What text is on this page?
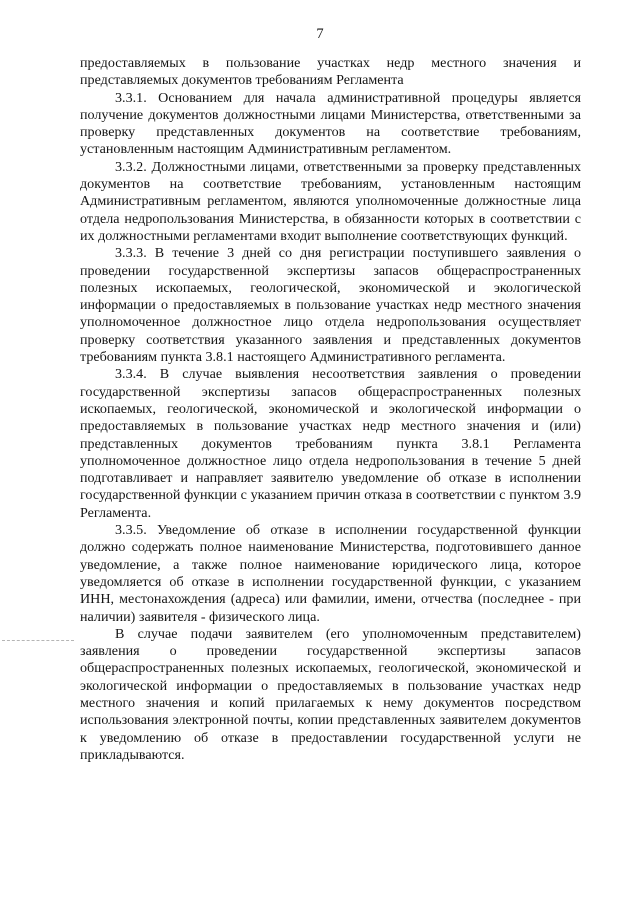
7

предоставляемых в пользование участках недр местного значения и представляемых документов требованиям Регламента

3.3.1. Основанием для начала административной процедуры является получение документов должностными лицами Министерства, ответственными за проверку представленных документов на соответствие требованиям, установленным настоящим Административным регламентом.

3.3.2. Должностными лицами, ответственными за проверку представленных документов на соответствие требованиям, установленным настоящим Административным регламентом, являются уполномоченные должностные лица отдела недропользования Министерства, в обязанности которых в соответствии с их должностными регламентами входит выполнение соответствующих функций.

3.3.3. В течение 3 дней со дня регистрации поступившего заявления о проведении государственной экспертизы запасов общераспространенных полезных ископаемых, геологической, экономической и экологической информации о предоставляемых в пользование участках недр местного значения уполномоченное должностное лицо отдела недропользования осуществляет проверку соответствия указанного заявления и представленных документов требованиям пункта 3.8.1 настоящего Административного регламента.

3.3.4. В случае выявления несоответствия заявления о проведении государственной экспертизы запасов общераспространенных полезных ископаемых, геологической, экономической и экологической информации о предоставляемых в пользование участках недр местного значения и (или) представленных документов требованиям пункта 3.8.1 Регламента уполномоченное должностное лицо отдела недропользования в течение 5 дней подготавливает и направляет заявителю уведомление об отказе в исполнении государственной функции с указанием причин отказа в соответствии с пунктом 3.9 Регламента.

3.3.5. Уведомление об отказе в исполнении государственной функции должно содержать полное наименование Министерства, подготовившего данное уведомление, а также полное наименование юридического лица, которое уведомляется об отказе в исполнении государственной функции, с указанием ИНН, местонахождения (адреса) или фамилии, имени, отчества (последнее - при наличии) заявителя - физического лица.

В случае подачи заявителем (его уполномоченным представителем) заявления о проведении государственной экспертизы запасов общераспространенных полезных ископаемых, геологической, экономической и экологической информации о предоставляемых в пользование участках недр местного значения и копий прилагаемых к нему документов посредством использования электронной почты, копии представленных заявителем документов к уведомлению об отказе в предоставлении государственной услуги не прикладываются.
